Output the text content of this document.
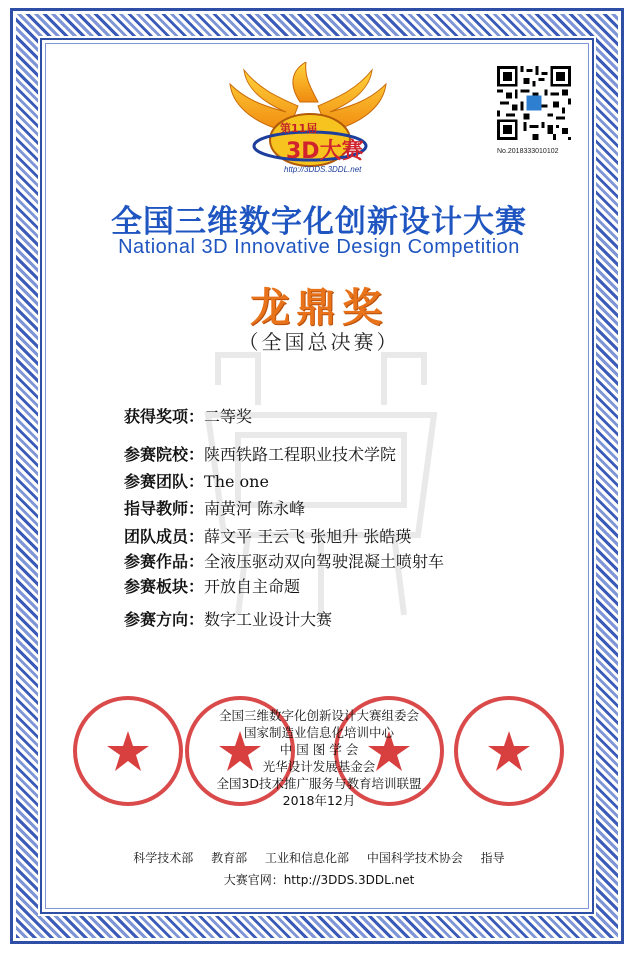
第11届
3D大赛
http://3DDS.3DDL.net
No.2018333010102
全国三维数字化创新设计大赛
National 3D Innovative Design Competition
龙鼎奖
（全国总决赛）
获得奖项：二等奖
参赛院校：陕西铁路工程职业技术学院
参赛团队：The one
指导教师：南黄河 陈永峰
团队成员：薛文平 王云飞 张旭升 张皓瑛
参赛作品：全液压驱动双向驾驶混凝土喷射车
参赛板块：开放自主命题
参赛方向：数字工业设计大赛
全国三维数字化创新设计大赛组委会
国家制造业信息化培训中心
中 国 图 学 会
光华设计发展基金会
全国3D技术推广服务与教育培训联盟
2018年12月
科学技术部 教育部 工业和信息化部 中国科学技术协会 指导
大赛官网：http://3DDS.3DDL.net
